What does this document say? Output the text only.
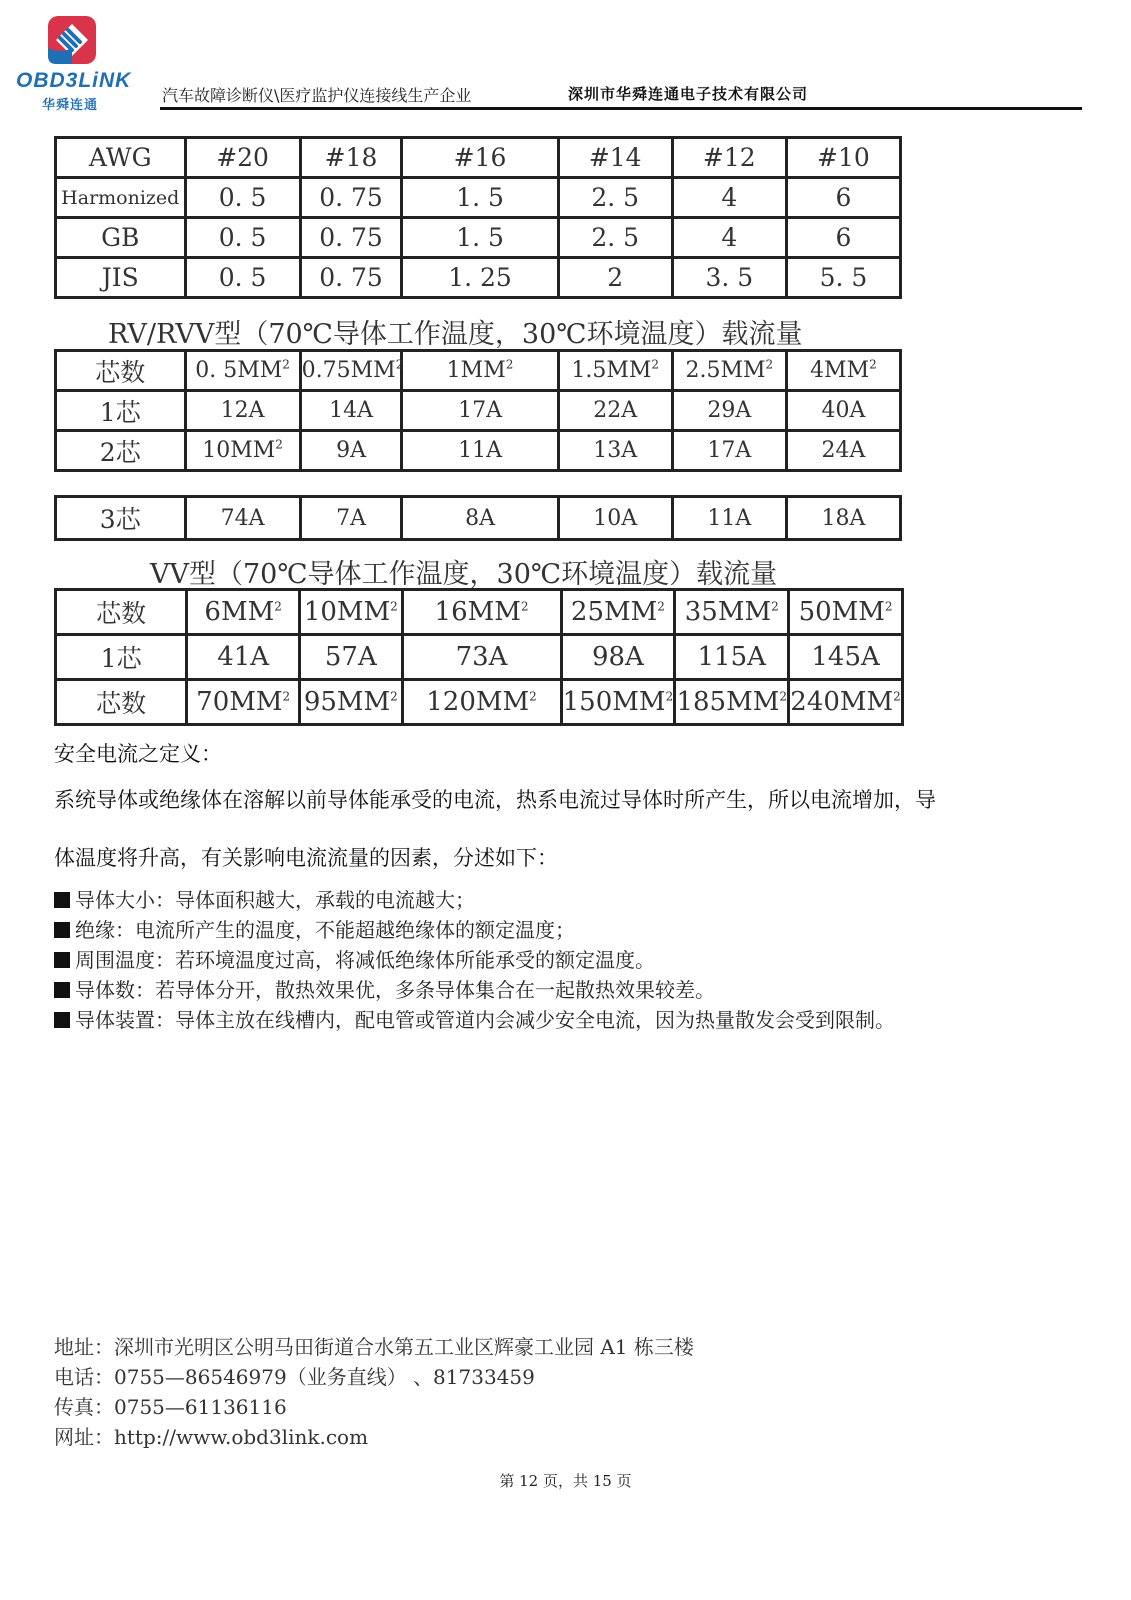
OBD3LiNK
华舜连通
汽车故障诊断仪\医疗监护仪连接线生产企业	深圳市华舜连通电子技术有限公司
AWG	#20	#18	#16	#14	#12	#10
Harmonized	0. 5	0. 75	1. 5	2. 5	4	6
GB	0. 5	0. 75	1. 5	2. 5	4	6
JIS	0. 5	0. 75	1. 25	2	3. 5	5. 5
RV/RVV型（70℃导体工作温度，30℃环境温度）载流量
芯数	0. $5MM^2$	$0.75MM^2$	$1MM^2$	$1.5MM^2$	$2.5MM^2$	$4MM^2$
1芯	12A	14A	17A	22A	29A	40A
2芯	$10MM^2$	9A	11A	13A	17A	24A
3芯	74A	7A	8A	10A	11A	18A
VV型（70℃导体工作温度，30℃环境温度）载流量
芯数	$6MM^2$	$10MM^2$	$16MM^2$	$25MM^2$	$35MM^2$	$50MM^2$
1芯	41A	57A	73A	98A	115A	145A
芯数	$70MM^2$	$95MM^2$	$120MM^2$	$150MM^2$	$185MM^2$	$240MM^2$
安全电流之定义：
系统导体或绝缘体在溶解以前导体能承受的电流，热系电流过导体时所产生，所以电流增加，导
体温度将升高，有关影响电流流量的因素，分述如下：
导体大小：导体面积越大，承载的电流越大；
绝缘：电流所产生的温度，不能超越绝缘体的额定温度；
周围温度：若环境温度过高，将减低绝缘体所能承受的额定温度。
导体数：若导体分开，散热效果优，多条导体集合在一起散热效果较差。
导体装置：导体主放在线槽内，配电管或管道内会减少安全电流，因为热量散发会受到限制。
地址：深圳市光明区公明马田街道合水第五工业区辉豪工业园 A1 栋三楼
电话：0755—86546979（业务直线） 、81733459
传真：0755—61136116
网址：http://www.obd3link.com
第 12 页，共 15 页
